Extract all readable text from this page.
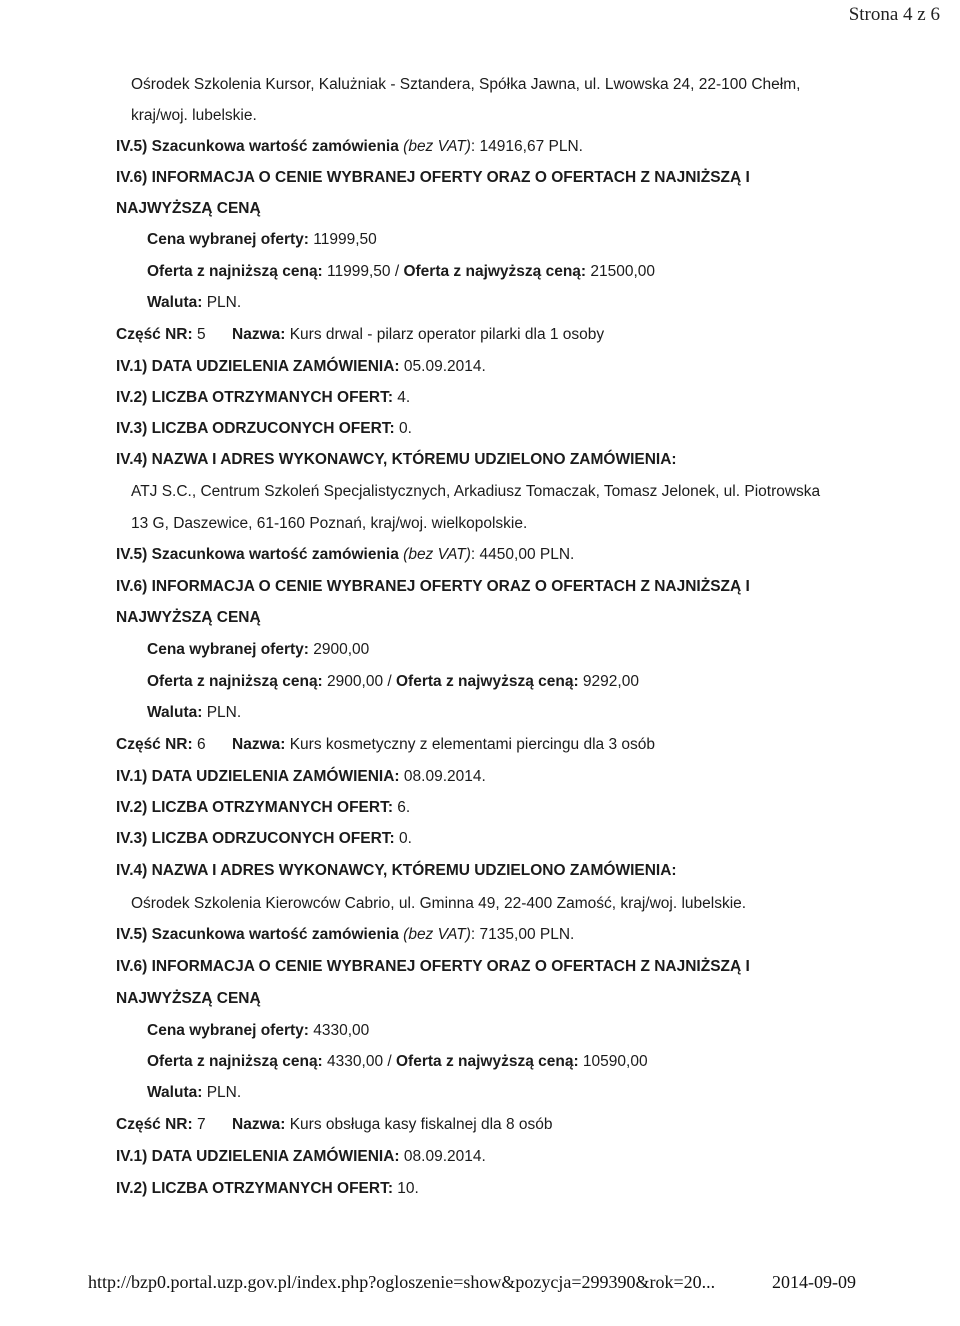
Strona 4 z 6
Ośrodek Szkolenia Kursor, Kalużniak - Sztandera, Spółka Jawna, ul. Lwowska 24, 22-100 Chełm,
kraj/woj. lubelskie.
IV.5) Szacunkowa wartość zamówienia (bez VAT): 14916,67 PLN.
IV.6) INFORMACJA O CENIE WYBRANEJ OFERTY ORAZ O OFERTACH Z NAJNIŻSZĄ I
NAJWYŻSZĄ CENĄ
Cena wybranej oferty: 11999,50
Oferta z najniższą ceną: 11999,50 / Oferta z najwyższą ceną: 21500,00
Waluta: PLN.
Część NR: 5 Nazwa: Kurs drwal - pilarz operator pilarki dla 1 osoby
IV.1) DATA UDZIELENIA ZAMÓWIENIA: 05.09.2014.
IV.2) LICZBA OTRZYMANYCH OFERT: 4.
IV.3) LICZBA ODRZUCONYCH OFERT: 0.
IV.4) NAZWA I ADRES WYKONAWCY, KTÓREMU UDZIELONO ZAMÓWIENIA:
ATJ S.C., Centrum Szkoleń Specjalistycznych, Arkadiusz Tomaczak, Tomasz Jelonek, ul. Piotrowska
13 G, Daszewice, 61-160 Poznań, kraj/woj. wielkopolskie.
IV.5) Szacunkowa wartość zamówienia (bez VAT): 4450,00 PLN.
IV.6) INFORMACJA O CENIE WYBRANEJ OFERTY ORAZ O OFERTACH Z NAJNIŻSZĄ I
NAJWYŻSZĄ CENĄ
Cena wybranej oferty: 2900,00
Oferta z najniższą ceną: 2900,00 / Oferta z najwyższą ceną: 9292,00
Waluta: PLN.
Część NR: 6 Nazwa: Kurs kosmetyczny z elementami piercingu dla 3 osób
IV.1) DATA UDZIELENIA ZAMÓWIENIA: 08.09.2014.
IV.2) LICZBA OTRZYMANYCH OFERT: 6.
IV.3) LICZBA ODRZUCONYCH OFERT: 0.
IV.4) NAZWA I ADRES WYKONAWCY, KTÓREMU UDZIELONO ZAMÓWIENIA:
Ośrodek Szkolenia Kierowców Cabrio, ul. Gminna 49, 22-400 Zamość, kraj/woj. lubelskie.
IV.5) Szacunkowa wartość zamówienia (bez VAT): 7135,00 PLN.
IV.6) INFORMACJA O CENIE WYBRANEJ OFERTY ORAZ O OFERTACH Z NAJNIŻSZĄ I
NAJWYŻSZĄ CENĄ
Cena wybranej oferty: 4330,00
Oferta z najniższą ceną: 4330,00 / Oferta z najwyższą ceną: 10590,00
Waluta: PLN.
Część NR: 7 Nazwa: Kurs obsługa kasy fiskalnej dla 8 osób
IV.1) DATA UDZIELENIA ZAMÓWIENIA: 08.09.2014.
IV.2) LICZBA OTRZYMANYCH OFERT: 10.
http://bzp0.portal.uzp.gov.pl/index.php?ogloszenie=show&pozycja=299390&rok=20...	2014-09-09
